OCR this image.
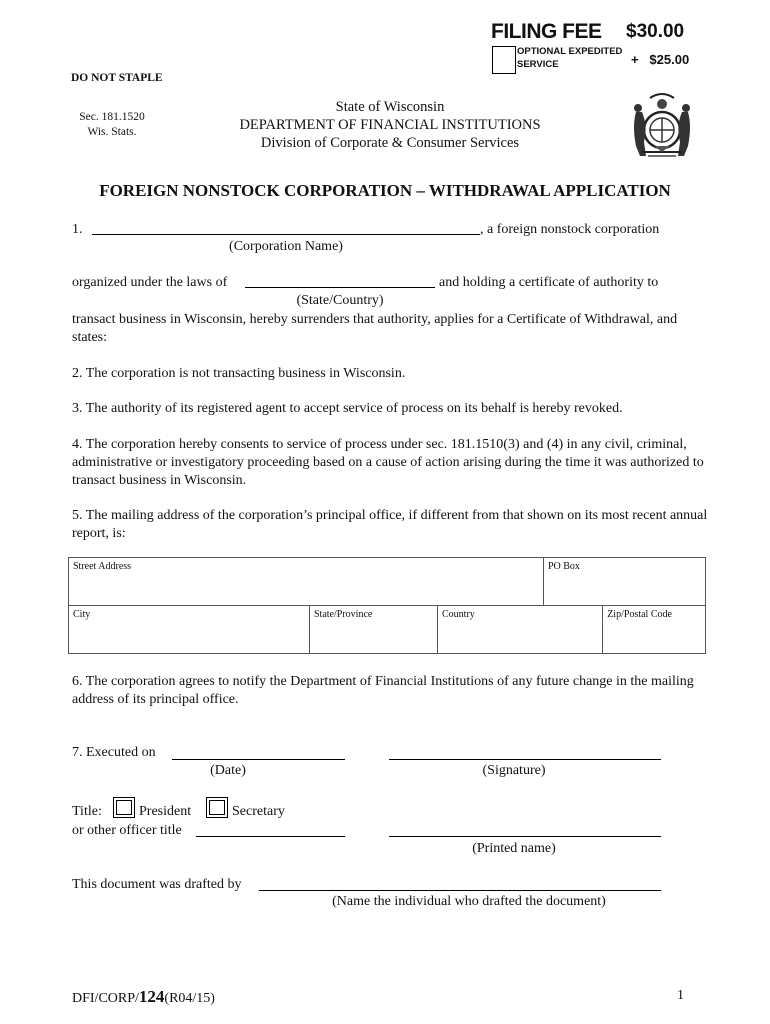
FILING FEE $30.00
OPTIONAL EXPEDITED
SERVICE	+   $25.00
DO NOT STAPLE
Sec. 181.1520
Wis. Stats.
State of Wisconsin
DEPARTMENT OF FINANCIAL INSTITUTIONS
Division of Corporate & Consumer Services
FOREIGN NONSTOCK CORPORATION – WITHDRAWAL APPLICATION
1.	, a foreign nonstock corporation
(Corporation Name)
organized under the laws of	and holding a certificate of authority to
(State/Country)
transact business in Wisconsin, hereby surrenders that authority, applies for a Certificate of Withdrawal, and states:
2. The corporation is not transacting business in Wisconsin.
3. The authority of its registered agent to accept service of process on its behalf is hereby revoked.
4. The corporation hereby consents to service of process under sec. 181.1510(3) and (4) in any civil, criminal, administrative or investigatory proceeding based on a cause of action arising during the time it was authorized to transact business in Wisconsin.
5. The mailing address of the corporation’s principal office, if different from that shown on its most recent annual report, is:
Street Address			PO Box	
City	State/Province	Country		Zip/Postal Code
6. The corporation agrees to notify the Department of Financial Institutions of any future change in the mailing address of its principal office.
7. Executed on
(Date)	(Signature)
Title:	President	Secretary
or other officer title
(Printed name)
This document was drafted by
(Name the individual who drafted the document)
DFI/CORP/124(R04/15)	1
